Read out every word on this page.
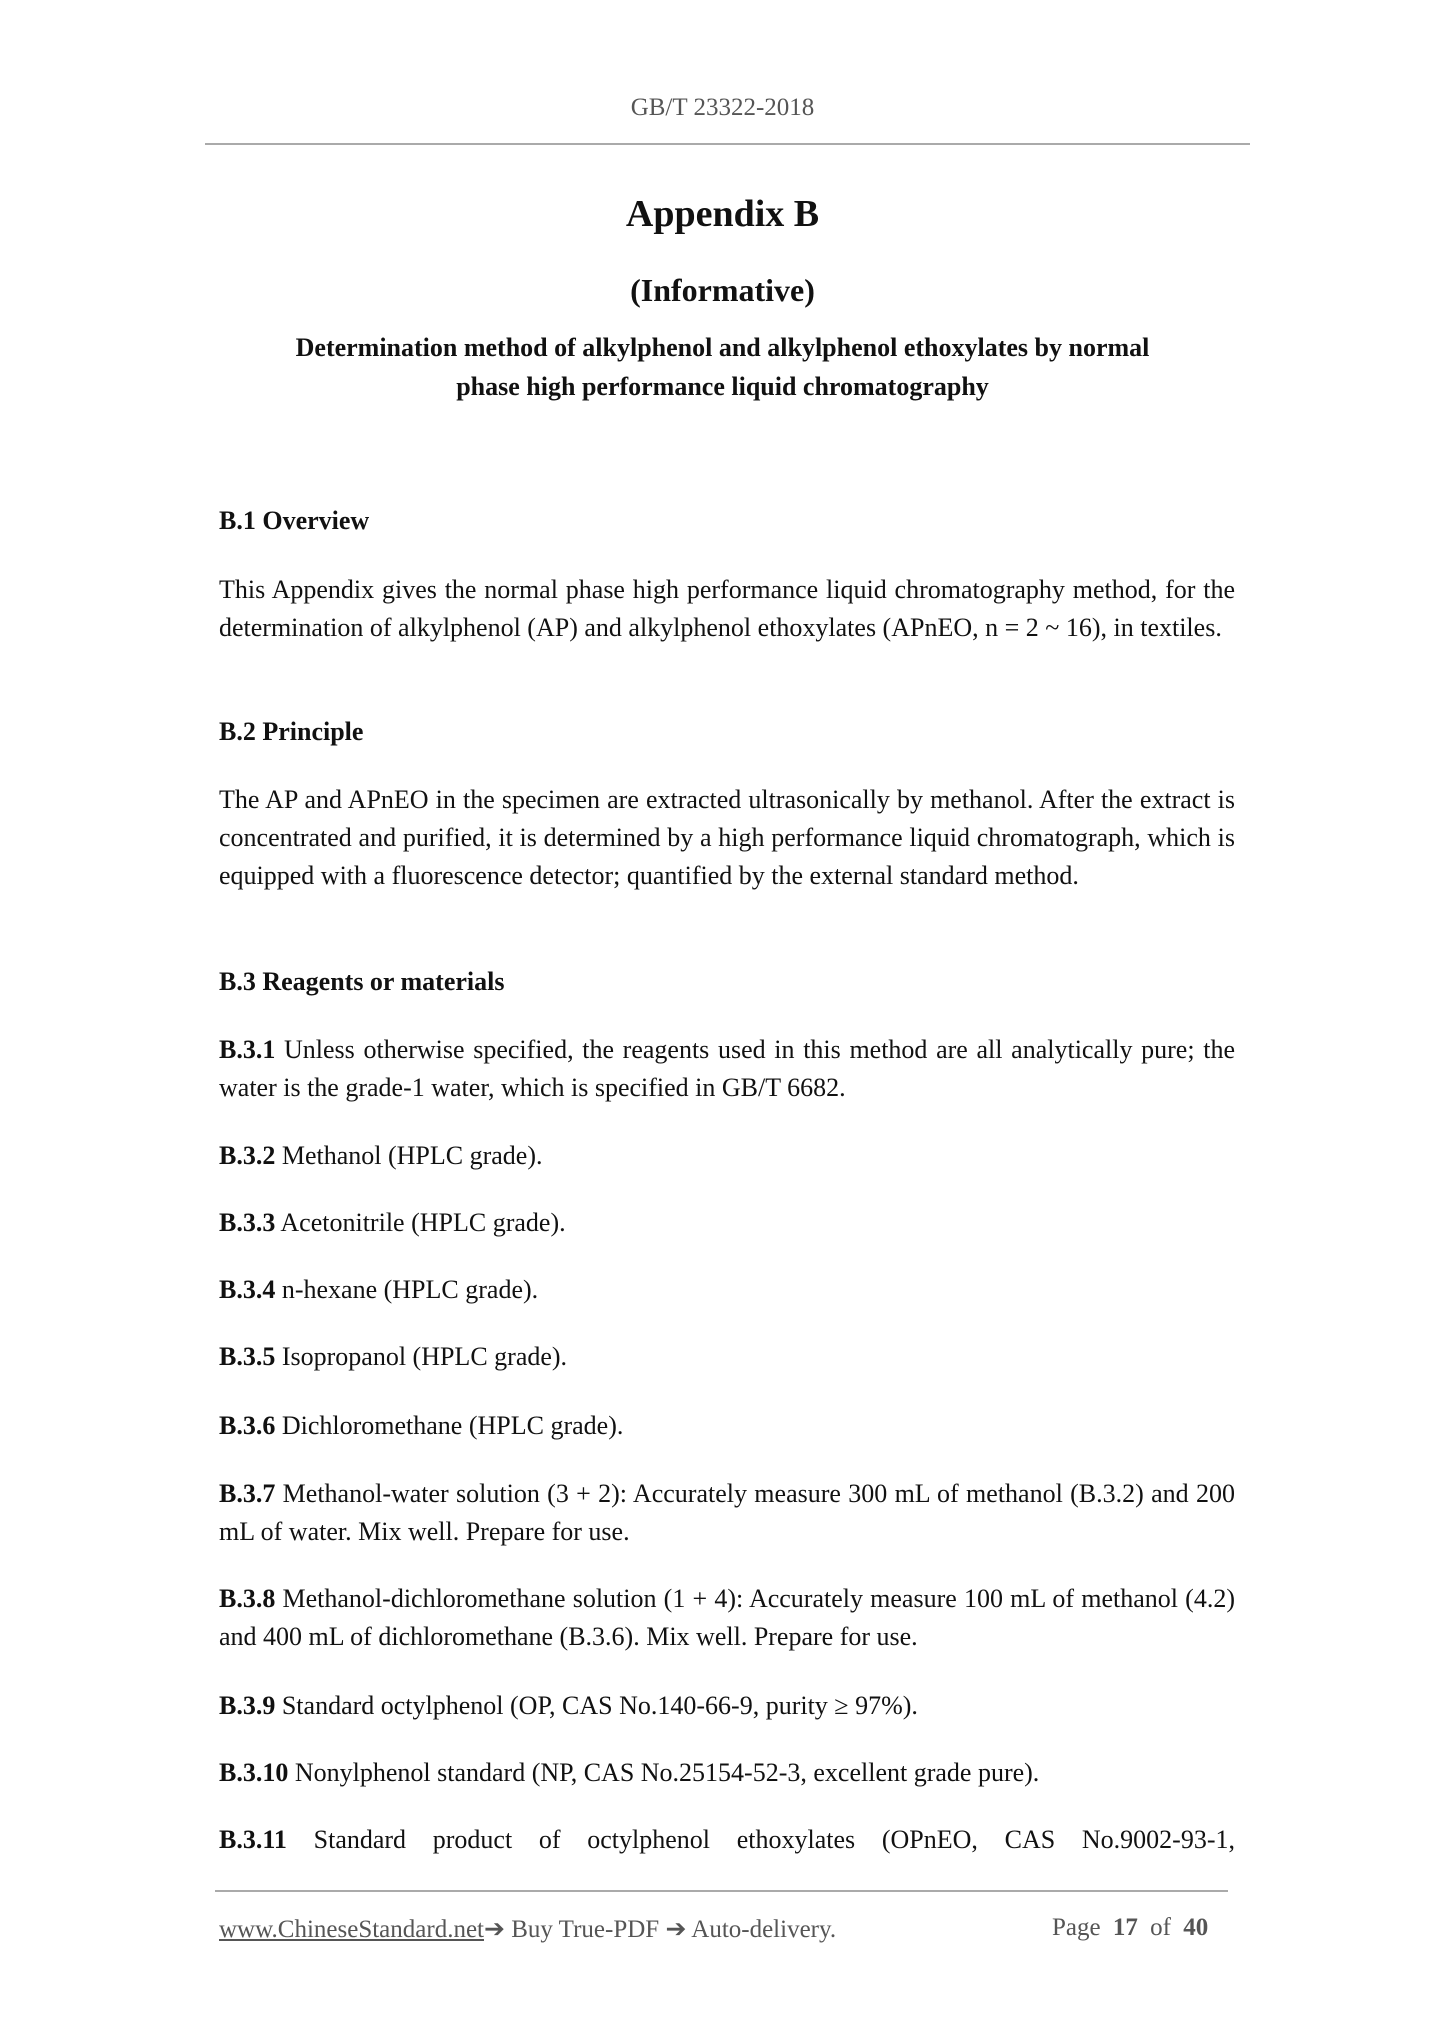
GB/T 23322-2018
Appendix B
(Informative)
Determination method of alkylphenol and alkylphenol ethoxylates by normal
phase high performance liquid chromatography
B.1 Overview
This Appendix gives the normal phase high performance liquid chromatography method, for the determination of alkylphenol (AP) and alkylphenol ethoxylates (APnEO, n = 2 ~ 16), in textiles.
B.2 Principle
The AP and APnEO in the specimen are extracted ultrasonically by methanol. After the extract is concentrated and purified, it is determined by a high performance liquid chromatograph, which is equipped with a fluorescence detector; quantified by the external standard method.
B.3 Reagents or materials
B.3.1 Unless otherwise specified, the reagents used in this method are all analytically pure; the water is the grade-1 water, which is specified in GB/T 6682.
B.3.2 Methanol (HPLC grade).
B.3.3 Acetonitrile (HPLC grade).
B.3.4 n-hexane (HPLC grade).
B.3.5 Isopropanol (HPLC grade).
B.3.6 Dichloromethane (HPLC grade).
B.3.7 Methanol-water solution (3 + 2): Accurately measure 300 mL of methanol (B.3.2) and 200 mL of water. Mix well. Prepare for use.
B.3.8 Methanol-dichloromethane solution (1 + 4): Accurately measure 100 mL of methanol (4.2) and 400 mL of dichloromethane (B.3.6). Mix well. Prepare for use.
B.3.9 Standard octylphenol (OP, CAS No.140-66-9, purity ≥ 97%).
B.3.10 Nonylphenol standard (NP, CAS No.25154-52-3, excellent grade pure).
B.3.11 Standard product of octylphenol ethoxylates (OPnEO, CAS No.9002-93-1,
www.ChineseStandard.net➔ Buy True-PDF ➔ Auto-delivery.	Page 17 of 40
